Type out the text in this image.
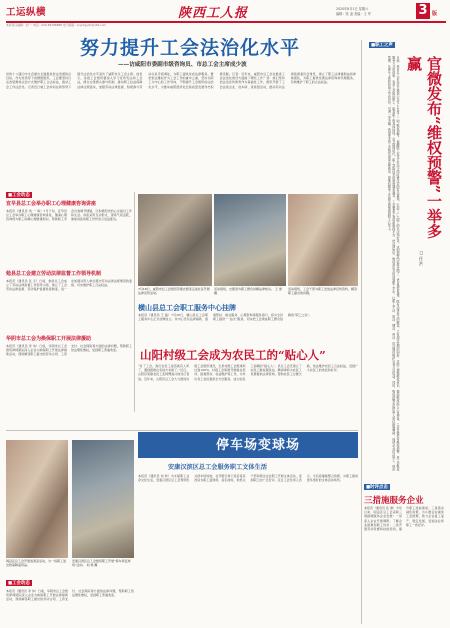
工运纵横	陕西工人报	2020年8月1日 星期六
编辑：张 凌 美编：王 军	3 版
本版责任编辑：刘 一 电话：029-85398888 电子邮箱：sxgrbgyzh@163.com
努力提升工会法治化水平
——访咸阳市委副市级咨询员、市总工会主席成少波
■职工之声
党的十八届四中全会提出全面推进依法治国的总目标。作为党领导下的群团组织，工会要坚持以法治思维和法治方式维护职工合法权益，推动工会工作法治化。记者近日就工会如何在新形势下提升法治化水平采访了咸阳市总工会主席。他表示，各级工会组织要深入学习宣传宪法和工会法，健全完善源头参与机制，推动职工权益保障法律法规落实，加强劳动法律监督，积极参与劳动关系矛盾调处，为职工提供优质法律服务。要把依法维权作为工会工作的重中之重，坚持以职工为中心的工作导向，不断提升工会组织的法治化水平，为推动咸阳经济社会高质量发展作出积极贡献。记者：近年来，咸阳市总工会在推进工会法治化建设方面做了哪些工作？答：我们坚持把法治宣传教育作为基础性工作，组织开展了工会法进企业、进车间、进班组活动，推动劳动法律监督委员会建设，建立了职工法律援助站和律师团队，为职工提供免费法律咨询和代理服务，有效维护了职工的合法权益。	日前，某市总工会在官方微信公众号上发布了一则“维权预警”，提醒职工在签订劳动合同时要注意的有关事项，引起了广大职工的关注和好评。这则预警内容简洁明了，语言通俗易懂，既有法律条文的解读，又有现实案例的剖析，对职工增强维权意识、提高维权能力大有裨益。工会官微发布维权预警，是工会维权服务方式的创新，也是工会贴近职工、服务职工的具体体现。在互联网时代，职工获取信息的渠道越来越多，工会要善于利用新媒体平台，把法律知识、维权常识及时送到职工手中，让职工学法、知法、懂法、用法，依法理性维护自身合法权益。同时，维权预警也能给用人单位敲响警钟，促使企业依法用工、规范管理，从源头上预防和减少劳动纠纷，可谓一举多赢。希望更多的工会组织借鉴这种做法，把维权服务工作做实做细做到职工心坎上。	官微发布“维权预警”一举多赢
□ 任 洪
■工会动态
宜早县总工会举办职工心理健康咨询讲座
本报讯（通讯员 刘 一 鸣）7月下旬，宜早县总工会举办职工心理健康咨询讲座，邀请心理咨询师为职工讲解心理健康知识，帮助职工学会自我调节情绪，以积极阳光的心态面对工作和生活。讲座采用互动形式，现场气氛活跃，参加讲座的职工纷纷表示受益匪浅。
勉县总工会建立劳动法律监督工作领导机制
本报讯（通讯员 张 元）日前，勉县总工会成立了劳动法律监督工作领导小组，建立了工会劳动法律监督、劳动保护监督检查制度，进一步加强对用人单位遵守劳动法律法规情况的监督，切实维护职工合法权益。
华阴市总工会为换保职工开展法律援助
本报讯（通讯员 李 伟）日前，华阴市总工会组织律师团队深入企业为换保职工开展法律援助活动，现场解答职工提出的劳动合同、工资支付、社会保险等方面的法律问题，帮助职工依法理性维权，受到职工普遍欢迎。
7月18日，咸阳市总工会组织劳模志愿者走进社区开展法律宣传活动。
活动现场，志愿者为职工群众讲解法律知识。 王 建 摄
活动现场，工会干部为职工发放法律宣传资料，解答职工提出的问题。
横山县总工会职工服务中心挂牌
本报讯（通讯员 王 磊）7月28日，横山县总工会职工服务中心正式挂牌成立。该中心设有法律援助、困难帮扶、就业服务、心理咨询等服务窗口，将为全县职工提供“一站式”服务，切实把工会建成职工群众信赖的“职工之家”。
山阳村级工会成为农民工的“贴心人”
“有了工会，我们农民工说话就有人听了，遇到困难也有地方求助了。”近日，山阳县某镇农民工张师傅高兴地对记者说。近年来，山阳县总工会大力推进村级工会组织建设，全县村级工会组建率达到100%，村级工会积极开展就业培训、困难帮扶、权益维护等工作，为外出务工农民提供全方位服务，成为农民工信赖的“贴心人”。县总工会还建立了农民工维权服务站，聘请律师为农民工免费提供法律咨询，帮助农民工讨要欠薪，依法维护农民工合法权益，受到广大农民工的欢迎和好评。
■时评点击
三措施服务企业
本报讯（通讯员 张 倩）今年以来，阎良区总工会采取三项措施服务企业发展：一是深入企业开展调研，了解企业困难和职工诉求；二是开展劳动竞赛和技能培训，提升职工技能素质；三是落实减负政策，为小微企业减免工会经费，助力企业复工复产、稳定发展，受到企业和职工一致好评。
阎良区总工会开展送清凉活动，为一线职工送去防暑降温用品。
安康汉滨区总工会组织职工开展“停车场变球场”活动。 刘 桥 摄
■工会动态
本报讯（通讯员 李 伟）日前，华阴市总工会组织律师团队深入企业为换保职工开展法律援助活动，现场解答职工提出的劳动合同、工资支付、社会保险等方面的法律问题，帮助职工依法理性维权，受到职工普遍欢迎。
停车场变球场
安康汉滨区总工会服务职工文体生活
本报讯（通讯员 刘 桥）为丰富职工业余文化生活，安康汉滨区总工会利用机关停车场场地，在节假日和下班后将其改造为职工篮球场、羽毛球场，供机关干部和周边企业职工开展文体活动，受到职工的广泛好评。区总工会负责人表示，今后将继续整合资源，为职工提供更多更好的文体活动场所。
